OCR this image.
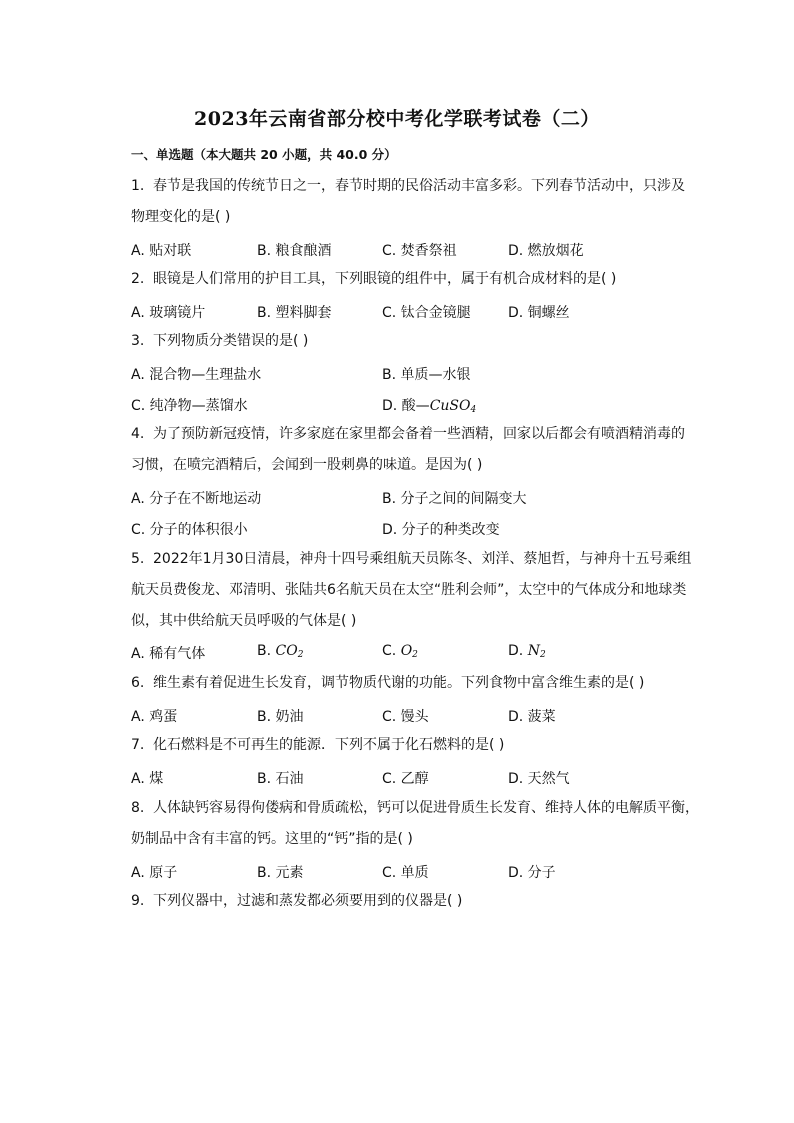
2023年云南省部分校中考化学联考试卷（二）
一、单选题（本大题共 20 小题，共 40.0 分）
1. 春节是我国的传统节日之一，春节时期的民俗活动丰富多彩。下列春节活动中，只涉及
物理变化的是( )
A. 贴对联	B. 粮食酿酒	C. 焚香祭祖	D. 燃放烟花
2. 眼镜是人们常用的护目工具，下列眼镜的组件中，属于有机合成材料的是( )
A. 玻璃镜片	B. 塑料脚套	C. 钛合金镜腿	D. 铜螺丝
3. 下列物质分类错误的是( )
A. 混合物—生理盐水	B. 单质—水银
C. 纯净物—蒸馏水	D. 酸—CuSO$_4$
4. 为了预防新冠疫情，许多家庭在家里都会备着一些酒精，回家以后都会有喷酒精消毒的
习惯，在喷完酒精后，会闻到一股刺鼻的味道。是因为( )
A. 分子在不断地运动	B. 分子之间的间隔变大
C. 分子的体积很小	D. 分子的种类改变
5. 2022年1月30日清晨，神舟十四号乘组航天员陈冬、刘洋、蔡旭哲，与神舟十五号乘组
航天员费俊龙、邓清明、张陆共6名航天员在太空“胜利会师”，太空中的气体成分和地球类
似，其中供给航天员呼吸的气体是( )
A. 稀有气体	B. $CO_2$	C. $O_2$	D. $N_2$
6. 维生素有着促进生长发育，调节物质代谢的功能。下列食物中富含维生素的是( )
A. 鸡蛋	B. 奶油	C. 馒头	D. 菠菜
7. 化石燃料是不可再生的能源．下列不属于化石燃料的是( )
A. 煤	B. 石油	C. 乙醇	D. 天然气
8. 人体缺钙容易得佝偻病和骨质疏松，钙可以促进骨质生长发育、维持人体的电解质平衡，
奶制品中含有丰富的钙。这里的“钙”指的是( )
A. 原子	B. 元素	C. 单质	D. 分子
9. 下列仪器中，过滤和蒸发都必须要用到的仪器是( )
